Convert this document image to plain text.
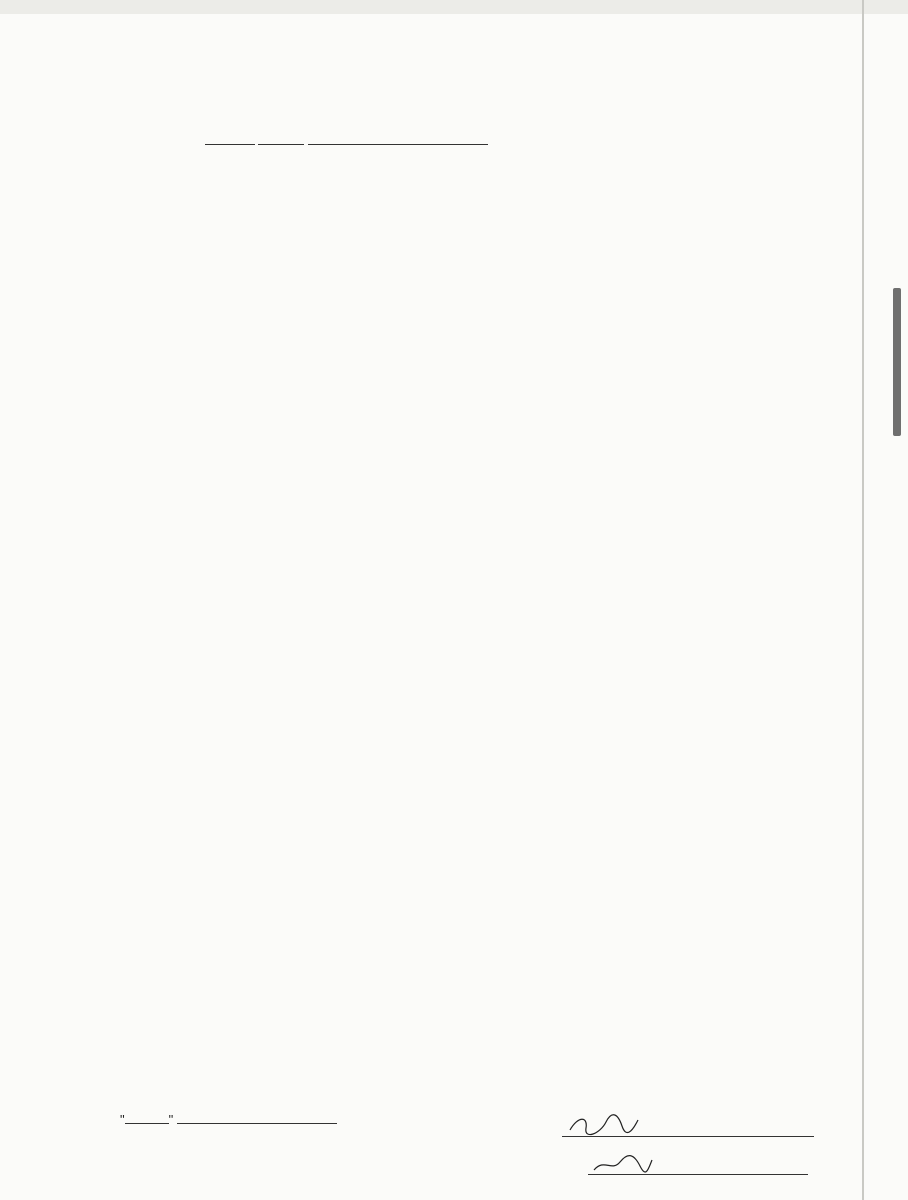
"	"
